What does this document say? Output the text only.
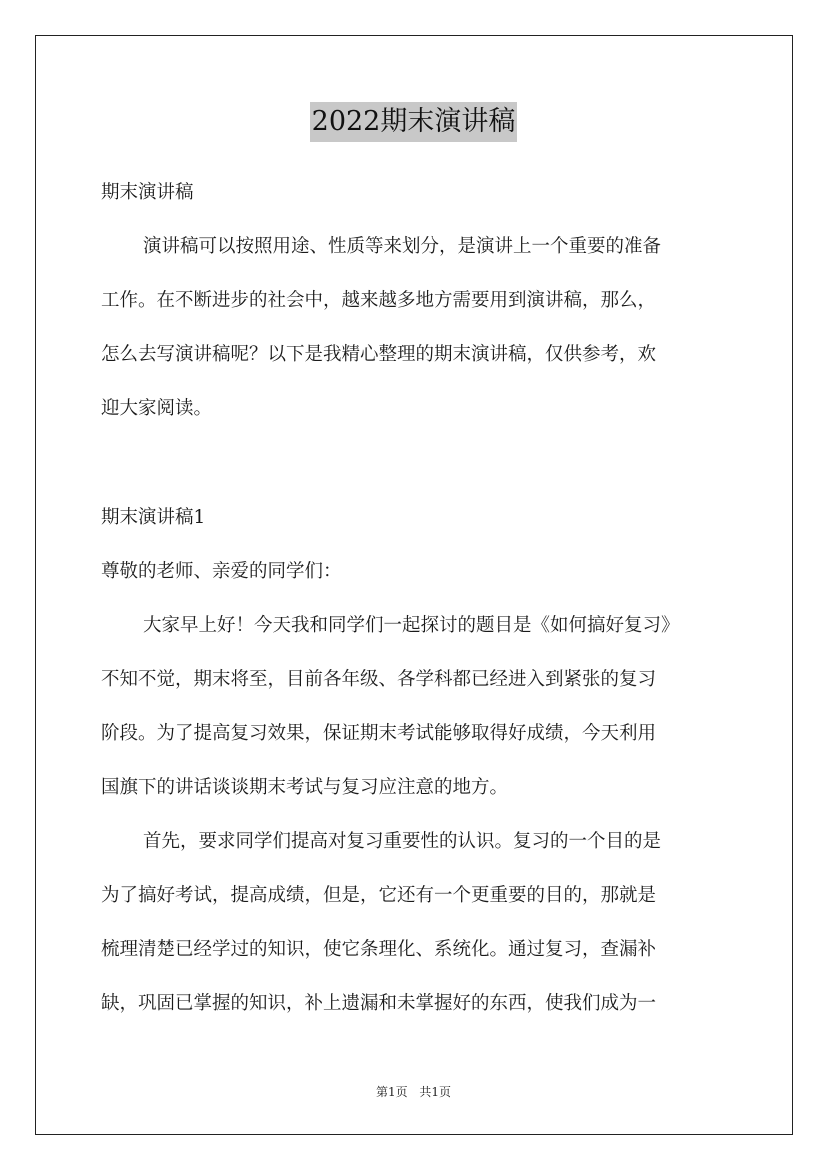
2022期末演讲稿
期末演讲稿
演讲稿可以按照用途、性质等来划分，是演讲上一个重要的准备
工作。在不断进步的社会中，越来越多地方需要用到演讲稿，那么，
怎么去写演讲稿呢？以下是我精心整理的期末演讲稿，仅供参考，欢
迎大家阅读。
期末演讲稿1
尊敬的老师、亲爱的同学们：
大家早上好！今天我和同学们一起探讨的题目是《如何搞好复习》
不知不觉，期末将至，目前各年级、各学科都已经进入到紧张的复习
阶段。为了提高复习效果，保证期末考试能够取得好成绩，今天利用
国旗下的讲话谈谈期末考试与复习应注意的地方。
首先，要求同学们提高对复习重要性的认识。复习的一个目的是
为了搞好考试，提高成绩，但是，它还有一个更重要的目的，那就是
梳理清楚已经学过的知识，使它条理化、系统化。通过复习，查漏补
缺，巩固已掌握的知识，补上遗漏和未掌握好的东西，使我们成为一
第1页 共1页
